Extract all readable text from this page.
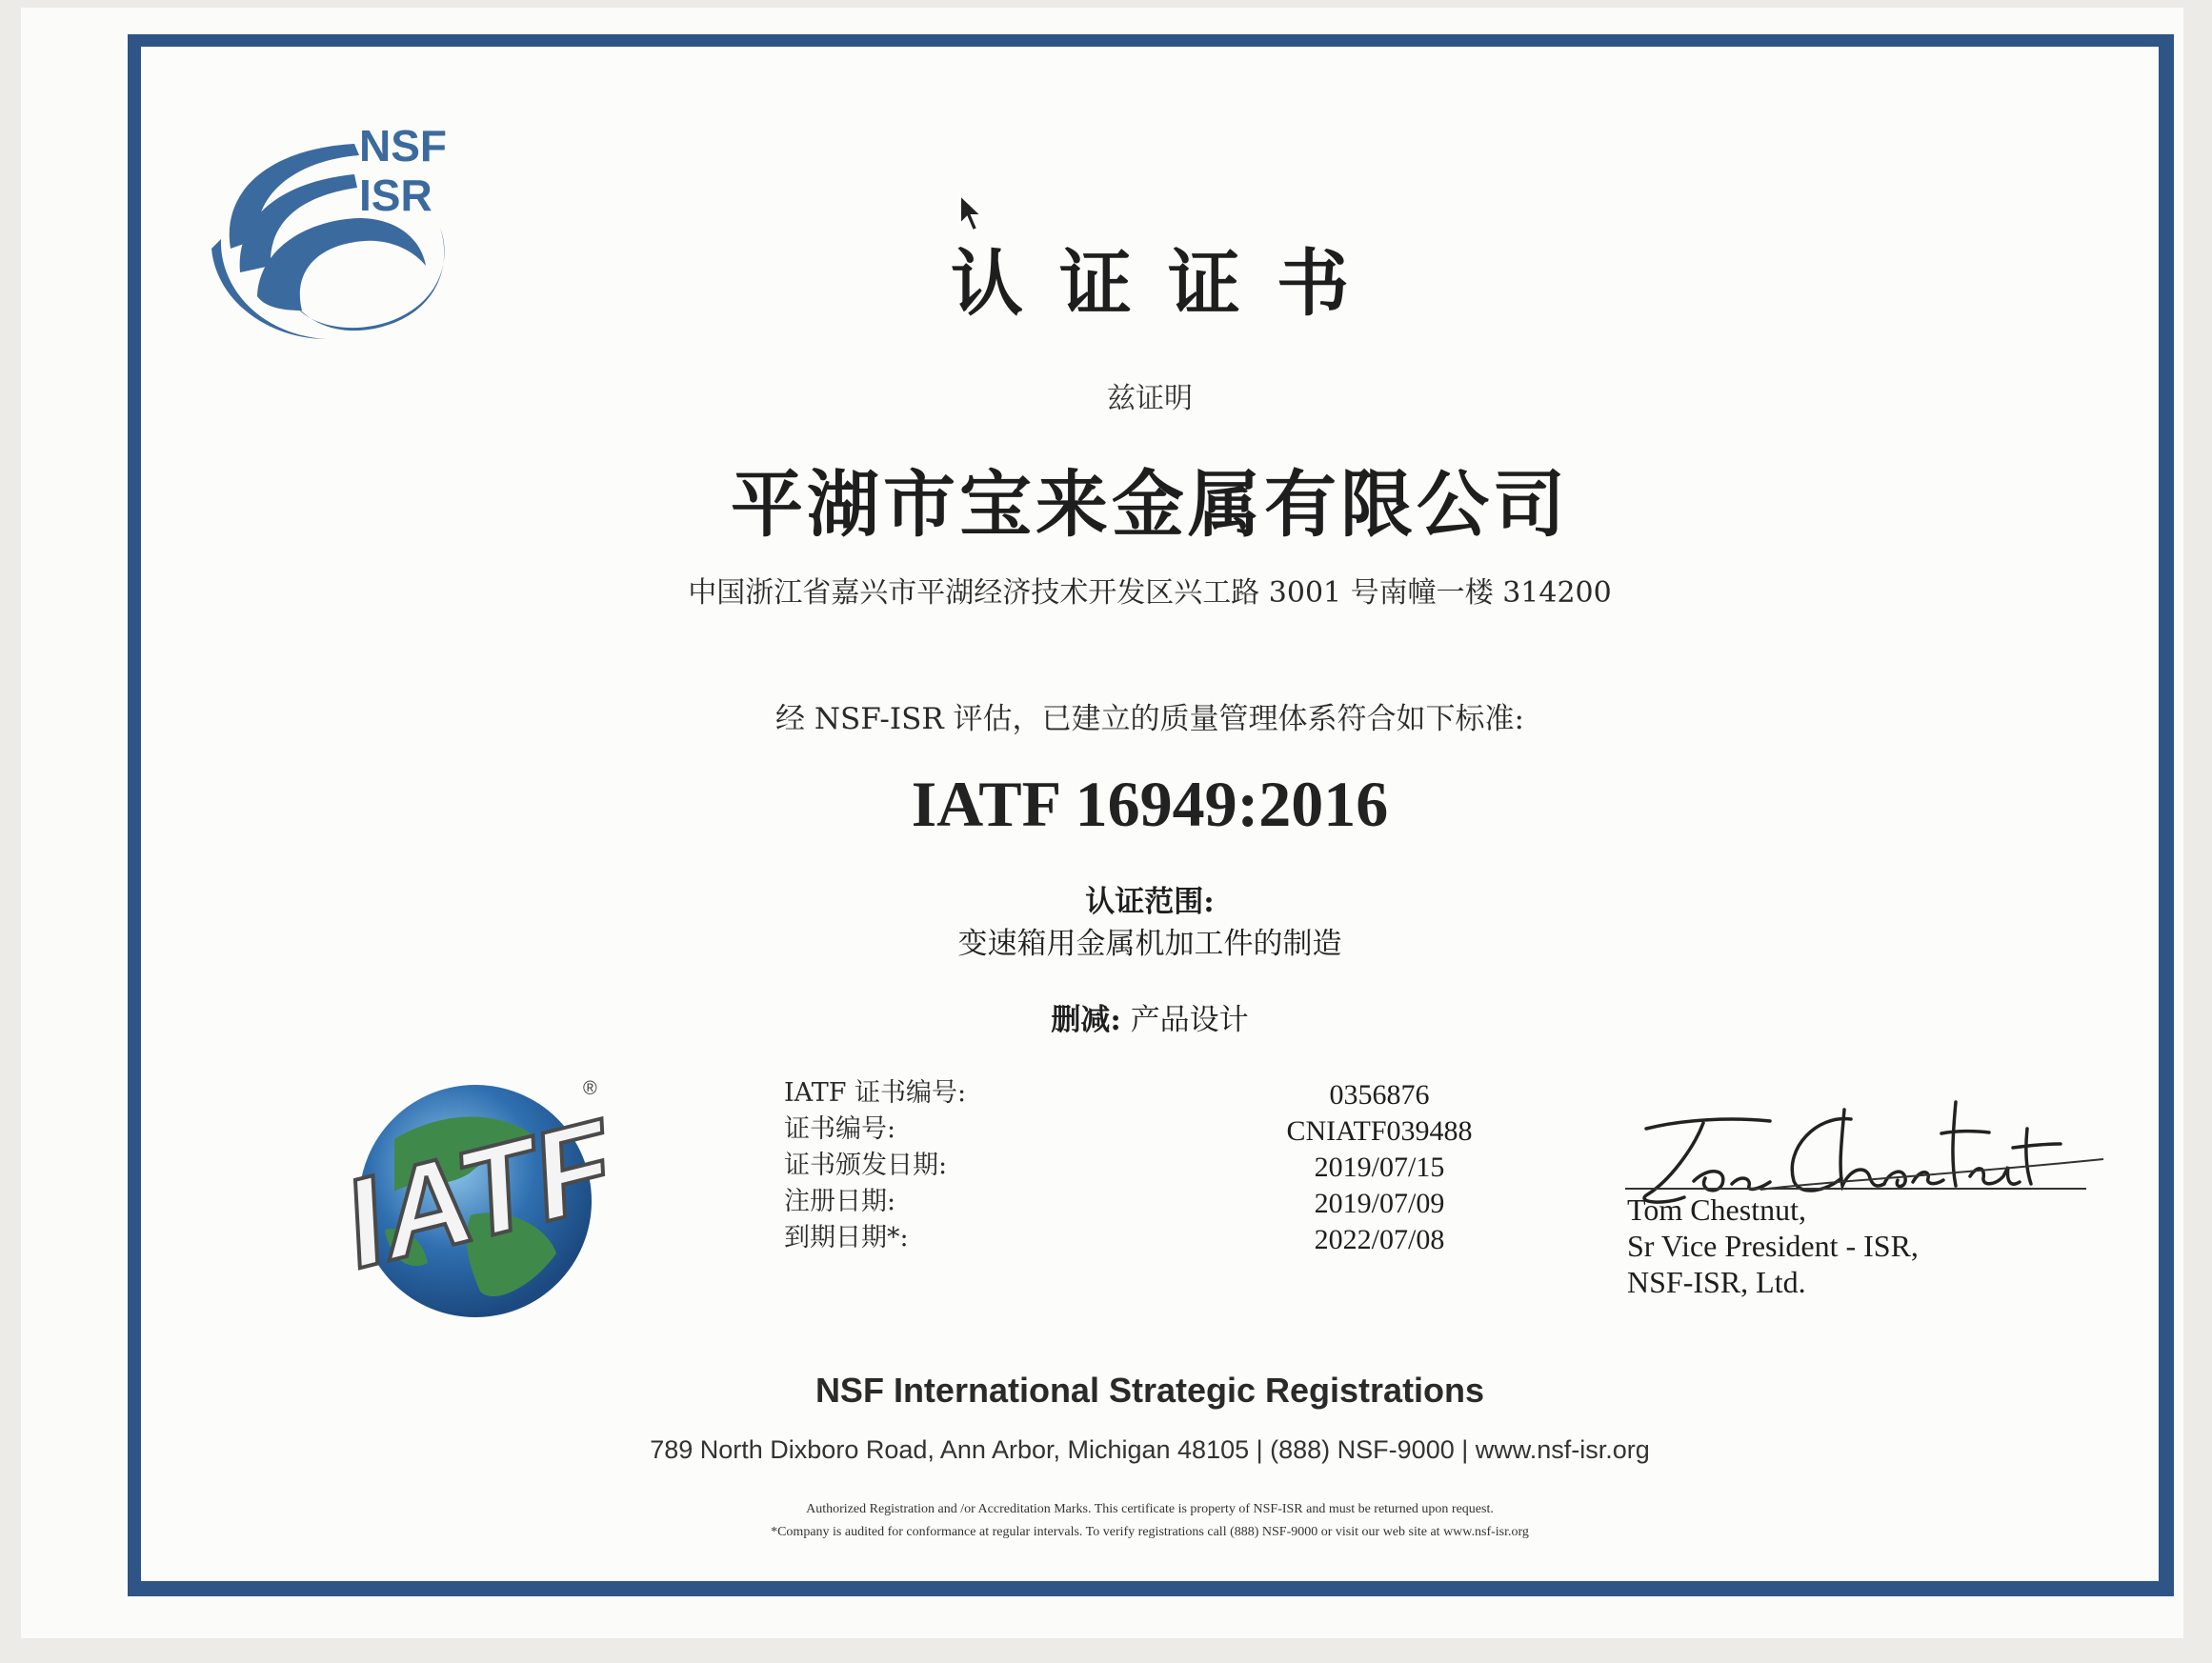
NSF
ISR
认证证书
兹证明
平湖市宝来金属有限公司
中国浙江省嘉兴市平湖经济技术开发区兴工路 3001 号南幢一楼 314200
经 NSF-ISR 评估，已建立的质量管理体系符合如下标准:
IATF 16949:2016
认证范围:
变速箱用金属机加工件的制造
删减: 产品设计
IATF
®	IATF 证书编号:
证书编号:
证书颁发日期:
注册日期:
到期日期*:
0356876
CNIATF039488
2019/07/15
2019/07/09
2022/07/08
Tom Chestnut,
Sr Vice President - ISR,
NSF-ISR, Ltd.
NSF International Strategic Registrations
789 North Dixboro Road, Ann Arbor, Michigan 48105 | (888) NSF-9000 | www.nsf-isr.org
Authorized Registration and /or Accreditation Marks. This certificate is property of NSF-ISR and must be returned upon request.
*Company is audited for conformance at regular intervals. To verify registrations call (888) NSF-9000 or visit our web site at www.nsf-isr.org
